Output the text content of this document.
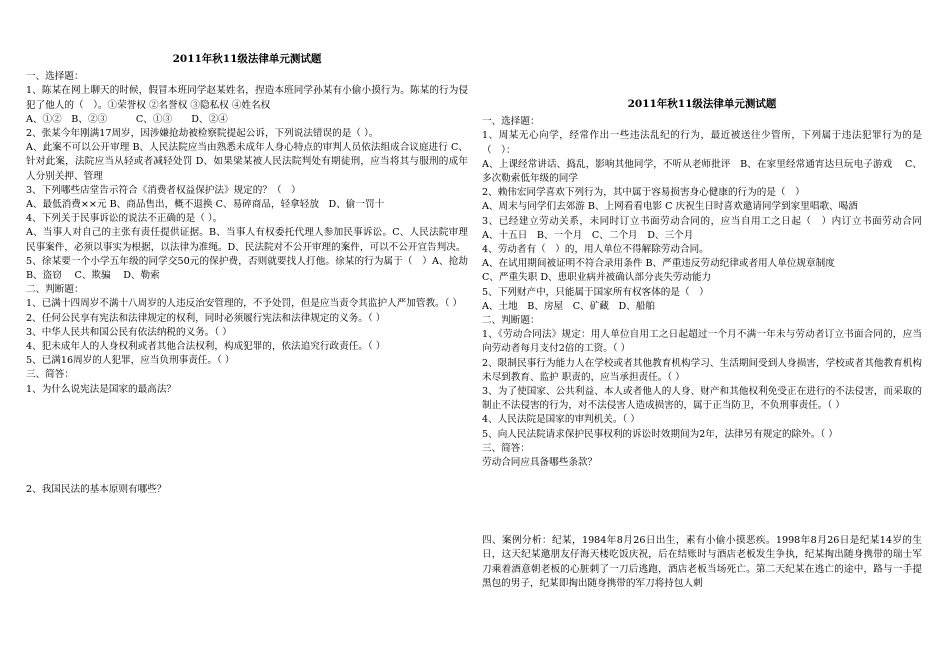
2011年秋11级法律单元测试题
一、选择题：
1、陈某在网上聊天的时候，假冒本班同学赵某姓名，捏造本班同学孙某有小偷小摸行为。陈某的行为侵犯了他人的（　）。①荣誉权 ②名誉权 ③隐私权 ④姓名权
A、①②　B、②③　　　C、①③　　D、②④
2、张某今年刚满17周岁，因涉嫌抢劫被检察院提起公诉，下列说法错误的是（ ）。
A、此案不可以公开审理 B、人民法院应当由熟悉未成年人身心特点的审判人员依法组成合议庭进行 C、针对此案，法院应当从轻或者减轻处罚 D、如果梁某被人民法院判处有期徒刑，应当将其与服刑的成年人分别关押、管理
3、下列哪些店堂告示符合《消费者权益保护法》规定的？（　）
A、最低消费××元 B、商品售出，概不退换 C、易碎商品，轻拿轻放　D、偷一罚十
4、下列关于民事诉讼的说法不正确的是（ ）。
A、当事人对自己的主张有责任提供证据。B、当事人有权委托代理人参加民事诉讼。C、人民法院审理民事案件，必须以事实为根据，以法律为准绳。D、民法院对不公开审理的案件，可以不公开宣告判决。
5、徐某要一个小学五年级的同学交50元的保护费，否则就要找人打他。徐某的行为属于（　）A、抢劫　B、盗窃　 C、欺骗　 D、勒索
二、判断题：
1、已满十四周岁不满十八周岁的人违反治安管理的，不予处罚，但是应当责令其监护人严加管教。（ ）
2、任何公民享有宪法和法律规定的权利，同时必须履行宪法和法律规定的义务。（ ）
3、中华人民共和国公民有依法纳税的义务。（ ）
4、犯未成年人的人身权利或者其他合法权利，构成犯罪的，依法追究行政责任。（ ）
5、已满16周岁的人犯罪，应当负刑事责任。（ ）
三、简答：
1、为什么说宪法是国家的最高法？
2、我国民法的基本原则有哪些？
2011年秋11级法律单元测试题
一、选择题：
1、周某无心向学，经常作出一些违法乱纪的行为，最近被送往少管所，下列属于违法犯罪行为的是（　）：
A、上课经常讲话、捣乱，影响其他同学，不听从老师批评　B、在家里经常通宵达旦玩电子游戏　 C、多次勒索低年级的同学
2、赖伟宏同学喜欢下列行为，其中属于容易损害身心健康的行为的是（　）
A、周末与同学们去郊游 B、上网看看电影 C 庆祝生日时喜欢邀请同学到家里唱歌、喝酒
3、已经建立劳动关系，未同时订立书面劳动合同的，应当自用工之日起（　）内订立书面劳动合同　A、十五日　B、一个月　C、二个月　D、三个月
4、劳动者有（　）的，用人单位不得解除劳动合同。
A、在试用期间被证明不符合录用条件 B、严重违反劳动纪律或者用人单位规章制度
C、严重失职 D、患职业病并被确认部分丧失劳动能力
5、下列财产中，只能属于国家所有权客体的是（　）
A、土地　B、房屋　C、矿藏　D、船舶
二、判断题：
1、《劳动合同法》规定：用人单位自用工之日起超过一个月不满一年未与劳动者订立书面合同的，应当向劳动者每月支付2倍的工资。（ ）
2、限制民事行为能力人在学校或者其他教育机构学习、生活期间受到人身损害，学校或者其他教育机构未尽到教育、监护 职责的，应当承担责任。（ ）
3、为了使国家、公共利益、本人或者他人的人身、财产和其他权利免受正在进行的不法侵害，而采取的制止不法侵害的行为，对不法侵害人造成损害的，属于正当防卫，不负刑事责任。（ ）
4、人民法院是国家的审判机关。（ ）
5、向人民法院请求保护民事权利的诉讼时效期间为2年，法律另有规定的除外。（ ）
三、简答：
劳动合同应具备哪些条款？
四、案例分析：纪某，1984年8月26日出生，素有小偷小摸恶疾。1998年8月26日是纪某14岁的生日，这天纪某邀朋友仔海天楼吃饭庆祝，后在结账时与酒店老板发生争执，纪某掏出随身携带的瑞士军刀乘着酒意朝老板的心脏刺了一刀后逃跑，酒店老板当场死亡。第二天纪某在逃亡的途中，路与一手提黑包的男子，纪某即掏出随身携带的军刀将持包人刺
